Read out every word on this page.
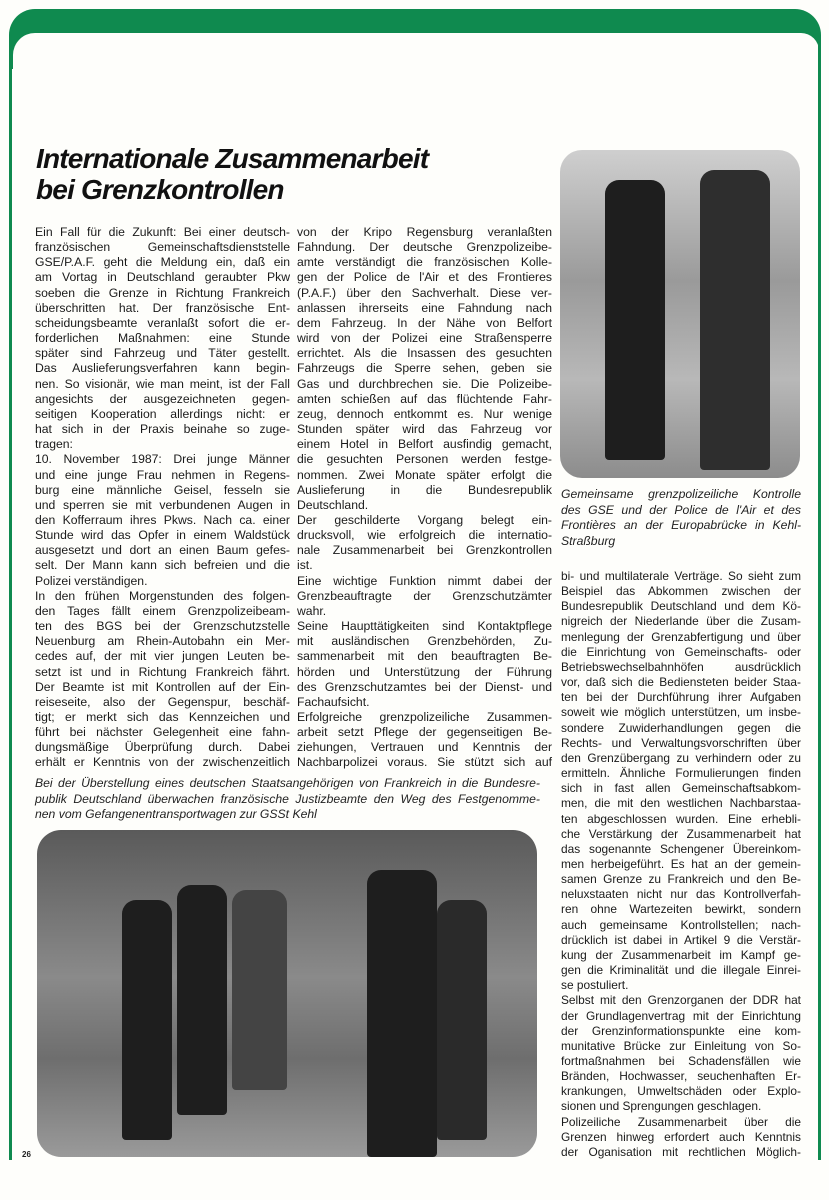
Internationale Zusammenarbeit
bei Grenzkontrollen
Ein Fall für die Zukunft: Bei einer deutsch-
französischen Gemeinschaftsdienststelle
GSE/P.A.F. geht die Meldung ein, daß ein
am Vortag in Deutschland geraubter Pkw
soeben die Grenze in Richtung Frankreich
überschritten hat. Der französische Ent-
scheidungsbeamte veranlaßt sofort die er-
forderlichen Maßnahmen: eine Stunde
später sind Fahrzeug und Täter gestellt.
Das Auslieferungsverfahren kann begin-
nen. So visionär, wie man meint, ist der Fall
angesichts der ausgezeichneten gegen-
seitigen Kooperation allerdings nicht: er
hat sich in der Praxis beinahe so zuge-
tragen:
10. November 1987: Drei junge Männer
und eine junge Frau nehmen in Regens-
burg eine männliche Geisel, fesseln sie
und sperren sie mit verbundenen Augen in
den Kofferraum ihres Pkws. Nach ca. einer
Stunde wird das Opfer in einem Waldstück
ausgesetzt und dort an einen Baum gefes-
selt. Der Mann kann sich befreien und die
Polizei verständigen.
In den frühen Morgenstunden des folgen-
den Tages fällt einem Grenzpolizeibeam-
ten des BGS bei der Grenzschutzstelle
Neuenburg am Rhein-Autobahn ein Mer-
cedes auf, der mit vier jungen Leuten be-
setzt ist und in Richtung Frankreich fährt.
Der Beamte ist mit Kontrollen auf der Ein-
reiseseite, also der Gegenspur, beschäf-
tigt; er merkt sich das Kennzeichen und
führt bei nächster Gelegenheit eine fahn-
dungsmäßige Überprüfung durch. Dabei
erhält er Kenntnis von der zwischenzeitlich
von der Kripo Regensburg veranlaßten
Fahndung. Der deutsche Grenzpolizeibe-
amte verständigt die französischen Kolle-
gen der Police de l'Air et des Frontieres
(P.A.F.) über den Sachverhalt. Diese ver-
anlassen ihrerseits eine Fahndung nach
dem Fahrzeug. In der Nähe von Belfort
wird von der Polizei eine Straßensperre
errichtet. Als die Insassen des gesuchten
Fahrzeugs die Sperre sehen, geben sie
Gas und durchbrechen sie. Die Polizeibe-
amten schießen auf das flüchtende Fahr-
zeug, dennoch entkommt es. Nur wenige
Stunden später wird das Fahrzeug vor
einem Hotel in Belfort ausfindig gemacht,
die gesuchten Personen werden festge-
nommen. Zwei Monate später erfolgt die
Auslieferung in die Bundesrepublik
Deutschland.
Der geschilderte Vorgang belegt ein-
drucksvoll, wie erfolgreich die internatio-
nale Zusammenarbeit bei Grenzkontrollen
ist.
Eine wichtige Funktion nimmt dabei der
Grenzbeauftragte der Grenzschutzämter
wahr.
Seine Haupttätigkeiten sind Kontaktpflege
mit ausländischen Grenzbehörden, Zu-
sammenarbeit mit den beauftragten Be-
hörden und Unterstützung der Führung
des Grenzschutzamtes bei der Dienst- und
Fachaufsicht.
Erfolgreiche grenzpolizeiliche Zusammen-
arbeit setzt Pflege der gegenseitigen Be-
ziehungen, Vertrauen und Kenntnis der
Nachbarpolizei voraus. Sie stützt sich auf
bi- und multilaterale Verträge. So sieht zum
Beispiel das Abkommen zwischen der
Bundesrepublik Deutschland und dem Kö-
nigreich der Niederlande über die Zusam-
menlegung der Grenzabfertigung und über
die Einrichtung von Gemeinschafts- oder
Betriebswechselbahnhöfen ausdrücklich
vor, daß sich die Bediensteten beider Staa-
ten bei der Durchführung ihrer Aufgaben
soweit wie möglich unterstützen, um insbe-
sondere Zuwiderhandlungen gegen die
Rechts- und Verwaltungsvorschriften über
den Grenzübergang zu verhindern oder zu
ermitteln. Ähnliche Formulierungen finden
sich in fast allen Gemeinschaftsabkom-
men, die mit den westlichen Nachbarstaa-
ten abgeschlossen wurden. Eine erhebli-
che Verstärkung der Zusammenarbeit hat
das sogenannte Schengener Übereinkom-
men herbeigeführt. Es hat an der gemein-
samen Grenze zu Frankreich und den Be-
neluxstaaten nicht nur das Kontrollverfah-
ren ohne Wartezeiten bewirkt, sondern
auch gemeinsame Kontrollstellen; nach-
drücklich ist dabei in Artikel 9 die Verstär-
kung der Zusammenarbeit im Kampf ge-
gen die Kriminalität und die illegale Einrei-
se postuliert.
Selbst mit den Grenzorganen der DDR hat
der Grundlagenvertrag mit der Einrichtung
der Grenzinformationspunkte eine kom-
munitative Brücke zur Einleitung von So-
fortmaßnahmen bei Schadensfällen wie
Bränden, Hochwasser, seuchenhaften Er-
krankungen, Umweltschäden oder Explo-
sionen und Sprengungen geschlagen.
Polizeiliche Zusammenarbeit über die
Grenzen hinweg erfordert auch Kenntnis
der Oganisation mit rechtlichen Möglich-
Gemeinsame grenzpolizeiliche Kontrolle
des GSE und der Police de l'Air et des
Frontières an der Europabrücke in Kehl-
Straßburg
Bei der Überstellung eines deutschen Staatsangehörigen von Frankreich in die Bundesre-
publik Deutschland überwachen französische Justizbeamte den Weg des Festgenomme-
nen vom Gefangenentransportwagen zur GSSt Kehl
26
